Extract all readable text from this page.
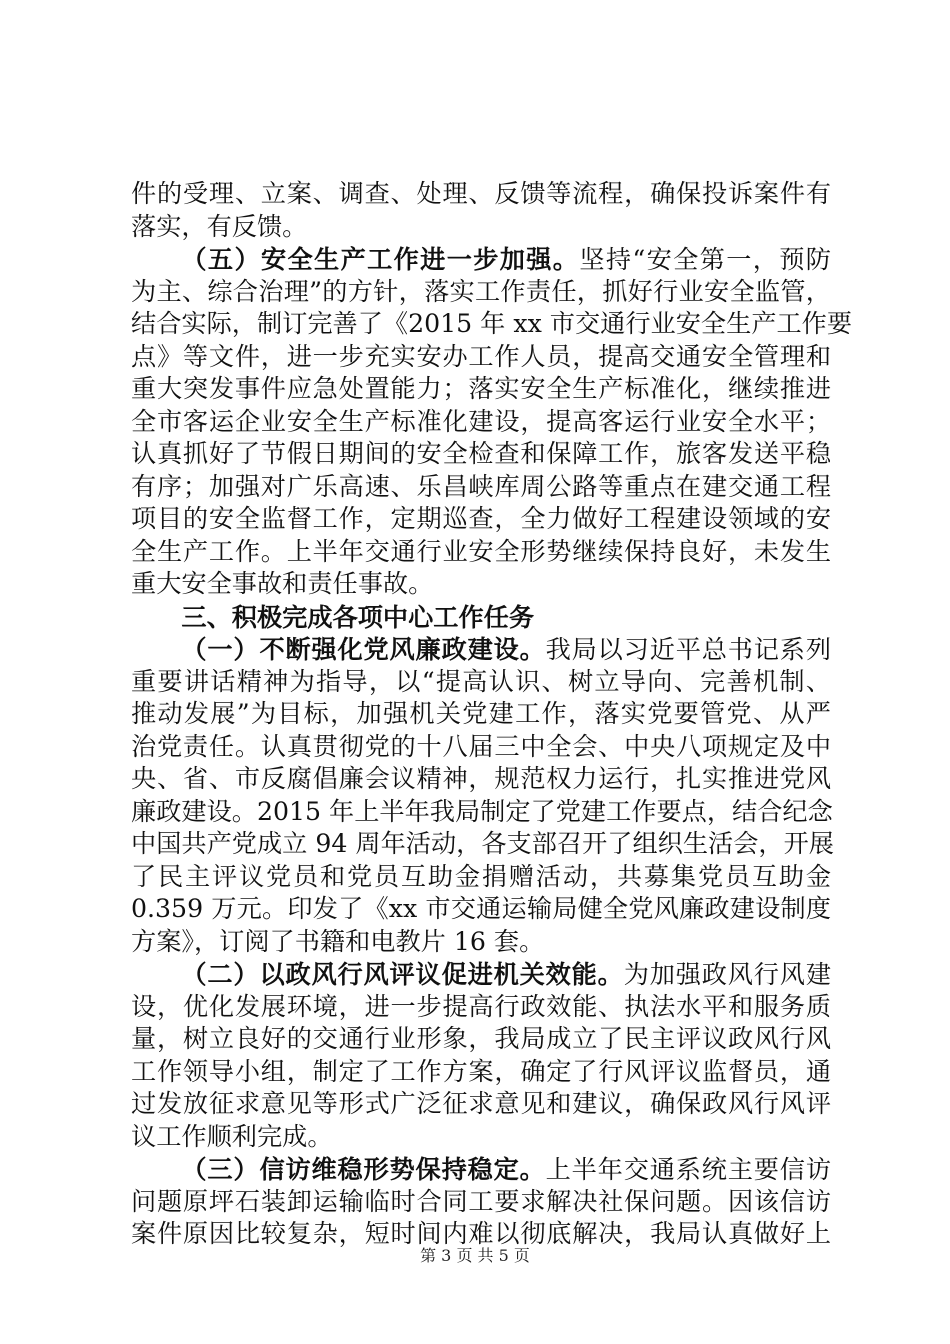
件的受理、立案、调查、处理、反馈等流程，确保投诉案件有
落实，有反馈。
（五）安全生产工作进一步加强。坚持“安全第一，预防
为主、综合治理”的方针，落实工作责任，抓好行业安全监管，
结合实际，制订完善了《2015 年 xx 市交通行业安全生产工作要
点》等文件，进一步充实安办工作人员，提高交通安全管理和
重大突发事件应急处置能力；落实安全生产标准化，继续推进
全市客运企业安全生产标准化建设，提高客运行业安全水平；
认真抓好了节假日期间的安全检查和保障工作，旅客发送平稳
有序；加强对广乐高速、乐昌峡库周公路等重点在建交通工程
项目的安全监督工作，定期巡查，全力做好工程建设领域的安
全生产工作。上半年交通行业安全形势继续保持良好，未发生
重大安全事故和责任事故。
三、积极完成各项中心工作任务
（一）不断强化党风廉政建设。我局以习近平总书记系列
重要讲话精神为指导，以“提高认识、树立导向、完善机制、
推动发展”为目标，加强机关党建工作，落实党要管党、从严
治党责任。认真贯彻党的十八届三中全会、中央八项规定及中
央、省、市反腐倡廉会议精神，规范权力运行，扎实推进党风
廉政建设。2015 年上半年我局制定了党建工作要点，结合纪念
中国共产党成立 94 周年活动，各支部召开了组织生活会，开展
了民主评议党员和党员互助金捐赠活动，共募集党员互助金
0.359 万元。印发了《xx 市交通运输局健全党风廉政建设制度
方案》，订阅了书籍和电教片 16 套。
（二）以政风行风评议促进机关效能。为加强政风行风建
设，优化发展环境，进一步提高行政效能、执法水平和服务质
量，树立良好的交通行业形象，我局成立了民主评议政风行风
工作领导小组，制定了工作方案，确定了行风评议监督员，通
过发放征求意见等形式广泛征求意见和建议，确保政风行风评
议工作顺利完成。
（三）信访维稳形势保持稳定。上半年交通系统主要信访
问题原坪石装卸运输临时合同工要求解决社保问题。因该信访
案件原因比较复杂，短时间内难以彻底解决，我局认真做好上
第 3 页 共 5 页
